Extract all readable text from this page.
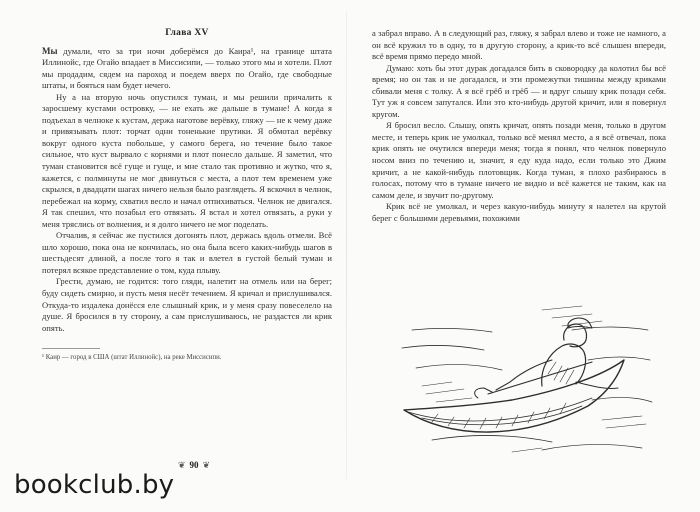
Глава XV

Мы думали, что за три ночи доберёмся до Каира¹, на границе штата Иллинойс, где Огайо впадает в Миссисипи, — только этого мы и хотели. Плот мы продадим, сядем на пароход и поедем вверх по Огайо, где свободные штаты, и бояться нам будет нечего.

Ну а на вторую ночь опустился туман, и мы решили причалить к заросшему кустами островку, — не ехать же дальше в тумане! А когда я подъехал в челноке к кустам, держа наготове верёвку, гляжу — не к чему даже и привязывать плот: торчат одни тоненькие прутики. Я обмотал верёвку вокруг одного куста побольше, у самого берега, но течение было такое сильное, что куст вырвало с корнями и плот понесло дальше. Я заметил, что туман становится всё гуще и гуще, и мне стало так противно и жутко, что я, кажется, с полминуты не мог двинуться с места, а плот тем временем уже скрылся, в двадцати шагах ничего нельзя было разглядеть. Я вскочил в челнок, перебежал на корму, схватил весло и начал отпихиваться. Челнок не двигался. Я так спешил, что позабыл его отвязать. Я встал и хотел отвязать, а руки у меня тряслись от волнения, и я долго ничего не мог поделать.

Отчалив, я сейчас же пустился догонять плот, держась вдоль отмели. Всё шло хорошо, пока она не кончилась, но она была всего каких-нибудь шагов в шестьдесят длиной, а после того я так и влетел в густой белый туман и потерял всякое представление о том, куда плыву.

Грести, думаю, не годится: того гляди, налетит на отмель или на берег; буду сидеть смирно, и пусть меня несёт течением. Я кричал и прислушивался. Откуда-то издалека донёсся еле слышный крик, и у меня сразу повеселело на душе. Я бросился в ту сторону, а сам прислушиваюсь, не раздастся ли крик опять.

¹ Каир — город в США (штат Иллинойс), на реке Миссисипи.

❦ 90 ❦

а забрал вправо. А в следующий раз, гляжу, я забрал влево и тоже не намного, а он всё кружил то в одну, то в другую сторону, а крик-то всё слышен впереди, всё время прямо передо мной.

Думаю: хоть бы этот дурак догадался бить в сковородку да колотил бы всё время; но он так и не догадался, и эти промежутки тишины между криками сбивали меня с толку. А я всё грёб и грёб — и вдруг слышу крик позади себя. Тут уж я совсем запутался. Или это кто-нибудь другой кричит, или я повернул кругом.

Я бросил весло. Слышу, опять кричат, опять позади меня, только в другом месте, и теперь крик не умолкал, только всё менял место, а я всё отвечал, пока крик опять не очутился впереди меня; тогда я понял, что челнок повернуло носом вниз по течению и, значит, я еду куда надо, если только это Джим кричит, а не какой-нибудь плотовщик. Когда туман, я плохо разбираюсь в голосах, потому что в тумане ничего не видно и всё кажется не таким, как на самом деле, и звучит по-другому.

Крик всё не умолкал, и через какую-нибудь минуту я налетел на крутой берег с большими деревьями, похожими

bookclub.by
